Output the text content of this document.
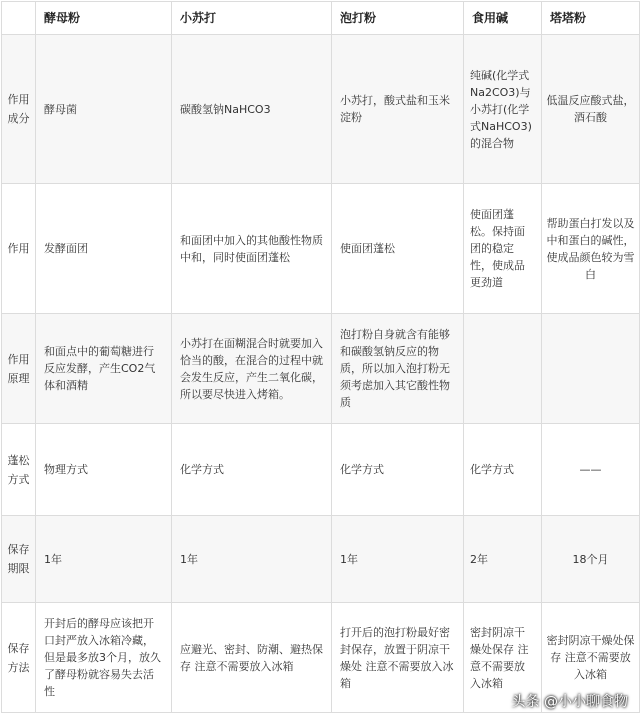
	酵母粉	小苏打	泡打粉	食用碱	塔塔粉
作用成分	酵母菌	碳酸氢钠NaHCO3	小苏打，酸式盐和玉米淀粉	纯碱(化学式Na2CO3)与小苏打(化学式NaHCO3)的混合物	低温反应酸式盐，酒石酸
作用	发酵面团	和面团中加入的其他酸性物质中和，同时使面团蓬松	使面团蓬松	使面团蓬松。保持面团的稳定性，使成品更劲道	帮助蛋白打发以及中和蛋白的碱性，使成品颜色较为雪白
作用原理	和面点中的葡萄糖进行反应发酵，产生CO2气体和酒精	小苏打在面糊混合时就要加入恰当的酸，在混合的过程中就会发生反应，产生二氧化碳，所以要尽快进入烤箱。	泡打粉自身就含有能够和碳酸氢钠反应的物质，所以加入泡打粉无须考虑加入其它酸性物质		
蓬松方式	物理方式	化学方式	化学方式	化学方式	——
保存期限	1年	1年	1年	2年	18个月
保存方法	开封后的酵母应该把开口封严放入冰箱冷藏，但是最多放3个月，放久了酵母粉就容易失去活性	应避光、密封、防潮、避热保存 注意不需要放入冰箱	打开后的泡打粉最好密封保存，放置于阴凉干燥处 注意不需要放入冰箱	密封阴凉干燥处保存 注意不需要放入冰箱	密封阴凉干燥处保存 注意不需要放入冰箱
头条 @小小聊食物
